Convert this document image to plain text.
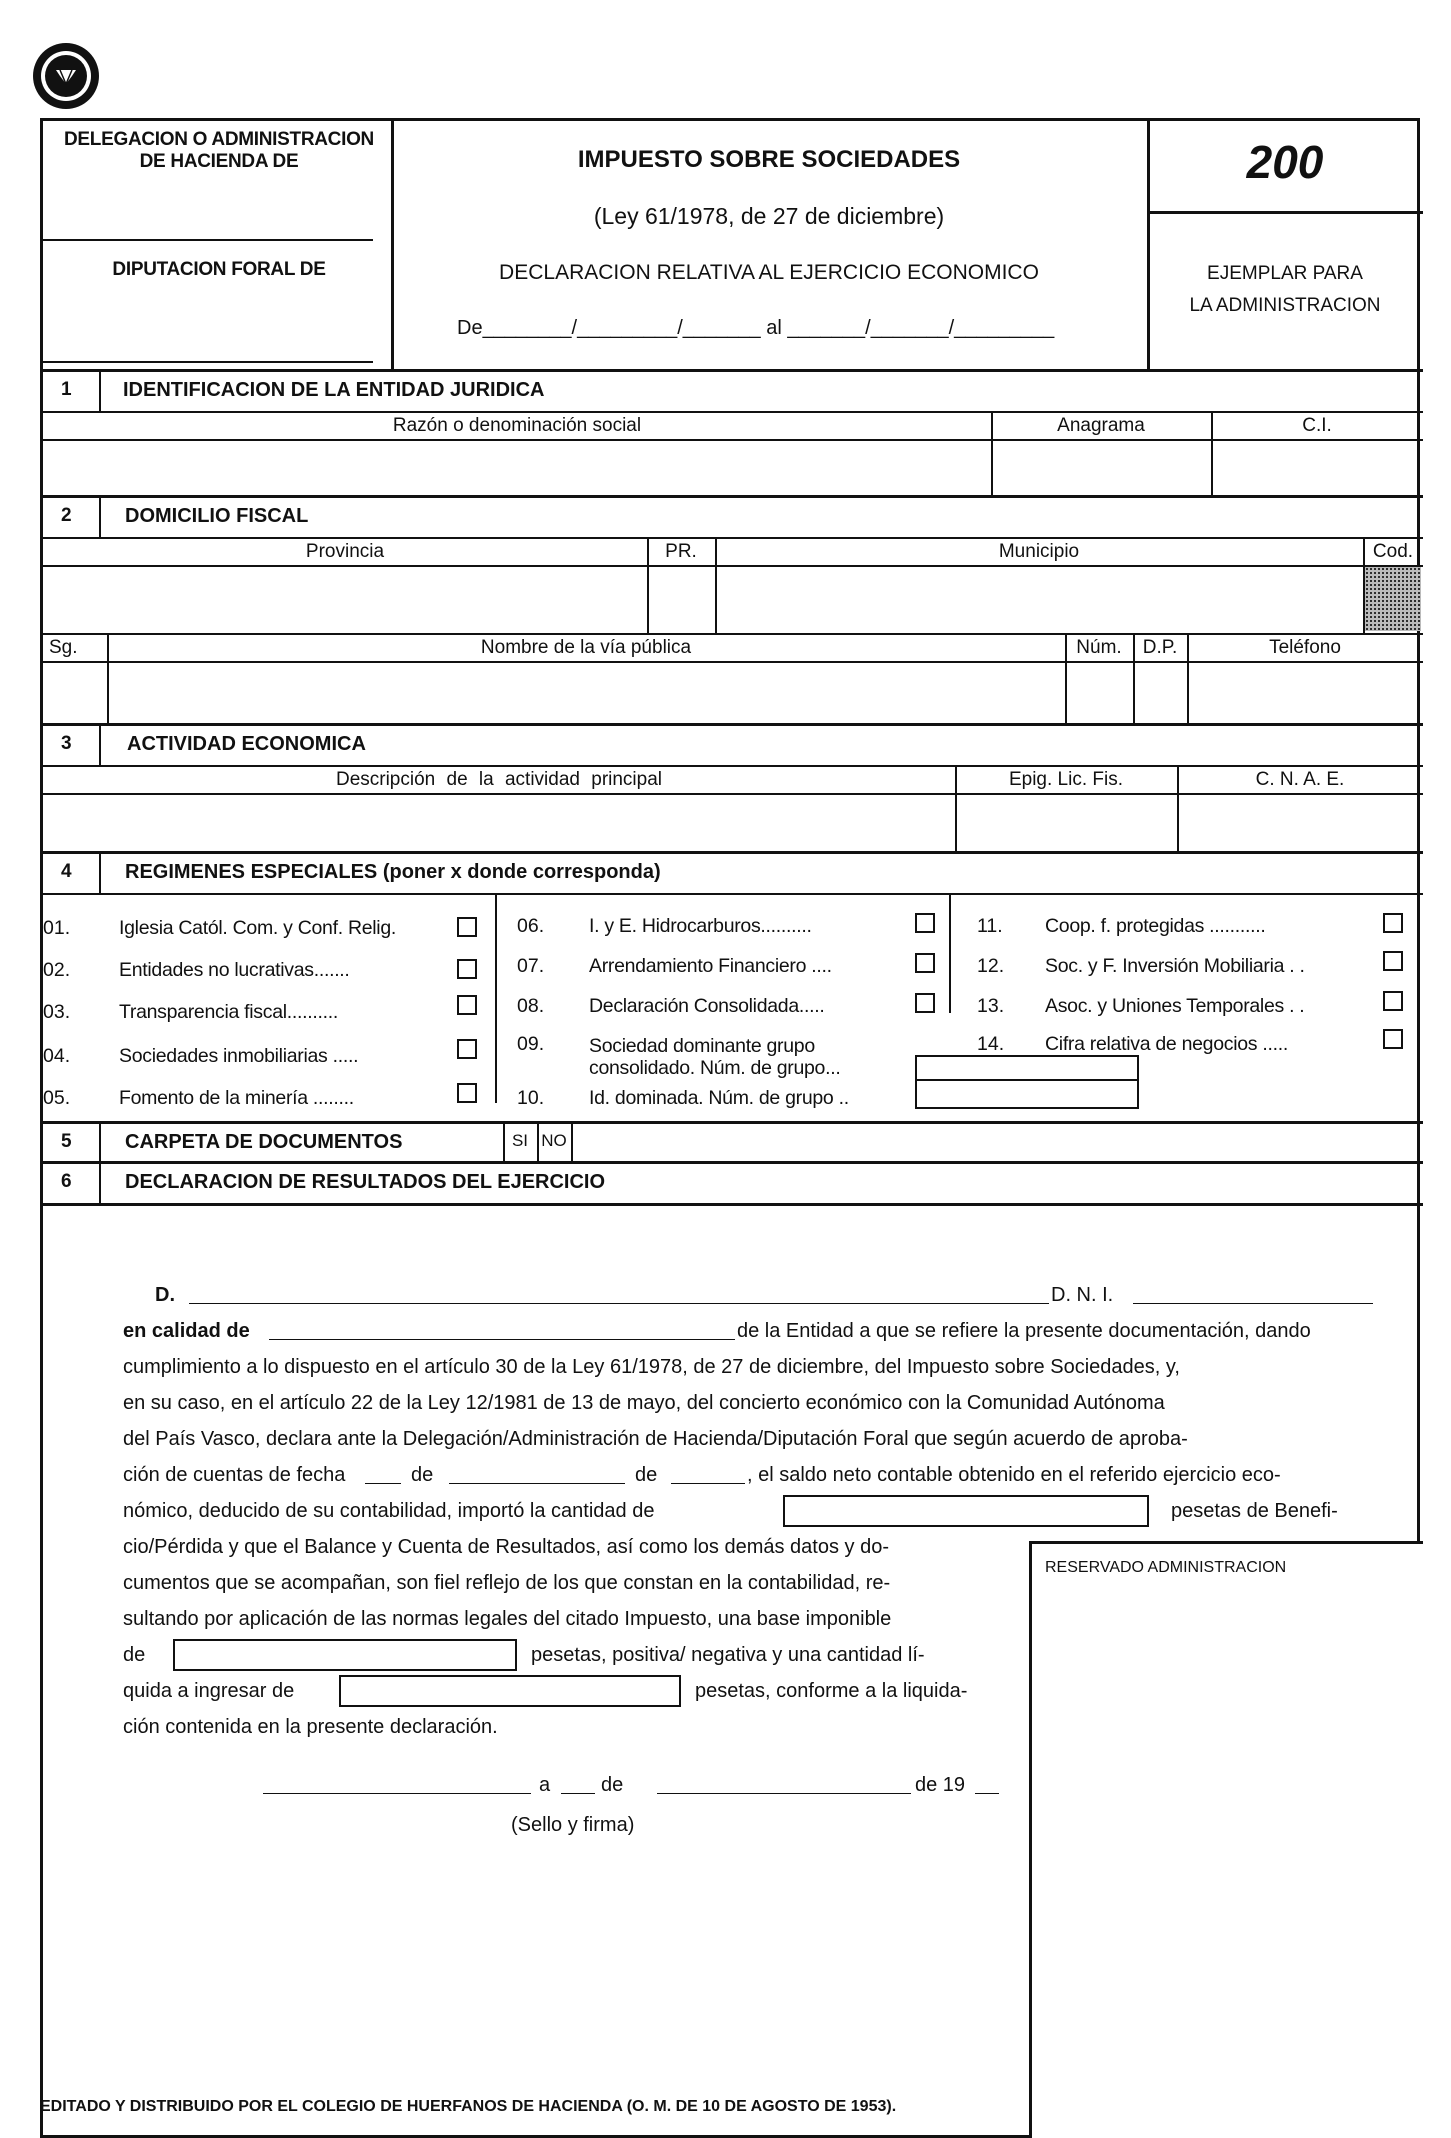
DELEGACION O ADMINISTRACION
DE HACIENDA DE
DIPUTACION FORAL DE
IMPUESTO SOBRE SOCIEDADES
(Ley 61/1978, de 27 de diciembre)
DECLARACION RELATIVA AL EJERCICIO ECONOMICO
De________/_________/_______ al _______/_______/_________
200
EJEMPLAR PARA
LA ADMINISTRACION
1	IDENTIFICACION DE LA ENTIDAD JURIDICA
Razón o denominación social	Anagrama	C.I.
2	DOMICILIO FISCAL
Provincia	PR.	Municipio	Cod.
Sg.	Nombre de la vía pública	Núm.	D.P.	Teléfono
3	ACTIVIDAD ECONOMICA
Descripción de la actividad principal	Epig. Lic. Fis.	C. N. A. E.
4	REGIMENES ESPECIALES (poner x donde corresponda)
01.	Iglesia Catól. Com. y Conf. Relig.
02.	Entidades no lucrativas.......
03.	Transparencia fiscal..........
04.	Sociedades inmobiliarias .....
05.	Fomento de la minería ........
06. I. y E. Hidrocarburos..........
07. Arrendamiento Financiero ....
08. Declaración Consolidada.....
09. Sociedad dominante grupo
consolidado. Núm. de grupo...
10. Id. dominada. Núm. de grupo ..
11. Coop. f. protegidas ...........
12. Soc. y F. Inversión Mobiliaria . .
13. Asoc. y Uniones Temporales . .
14. Cifra relativa de negocios .....
5	CARPETA DE DOCUMENTOS	SI NO
6	DECLARACION DE RESULTADOS DEL EJERCICIO
D.	D. N. I.
en calidad de	de la Entidad a que se refiere la presente documentación, dando
cumplimiento a lo dispuesto en el artículo 30 de la Ley 61/1978, de 27 de diciembre, del Impuesto sobre Sociedades, y,
en su caso, en el artículo 22 de la Ley 12/1981 de 13 de mayo, del concierto económico con la Comunidad Autónoma
del País Vasco, declara ante la Delegación/Administración de Hacienda/Diputación Foral que según acuerdo de aproba-
ción de cuentas de fecha	de	de	, el saldo neto contable obtenido en el referido ejercicio eco-
nómico, deducido de su contabilidad, importó la cantidad de	pesetas de Benefi-
cio/Pérdida y que el Balance y Cuenta de Resultados, así como los demás datos y do-
cumentos que se acompañan, son fiel reflejo de los que constan en la contabilidad, re-
sultando por aplicación de las normas legales del citado Impuesto, una base imponible
de	pesetas, positiva/ negativa y una cantidad lí-
quida a ingresar de	pesetas, conforme a la liquida-
ción contenida en la presente declaración.
a	de	de 19
(Sello y firma)
RESERVADO ADMINISTRACION
EDITADO Y DISTRIBUIDO POR EL COLEGIO DE HUERFANOS DE HACIENDA (O. M. DE 10 DE AGOSTO DE 1953).
